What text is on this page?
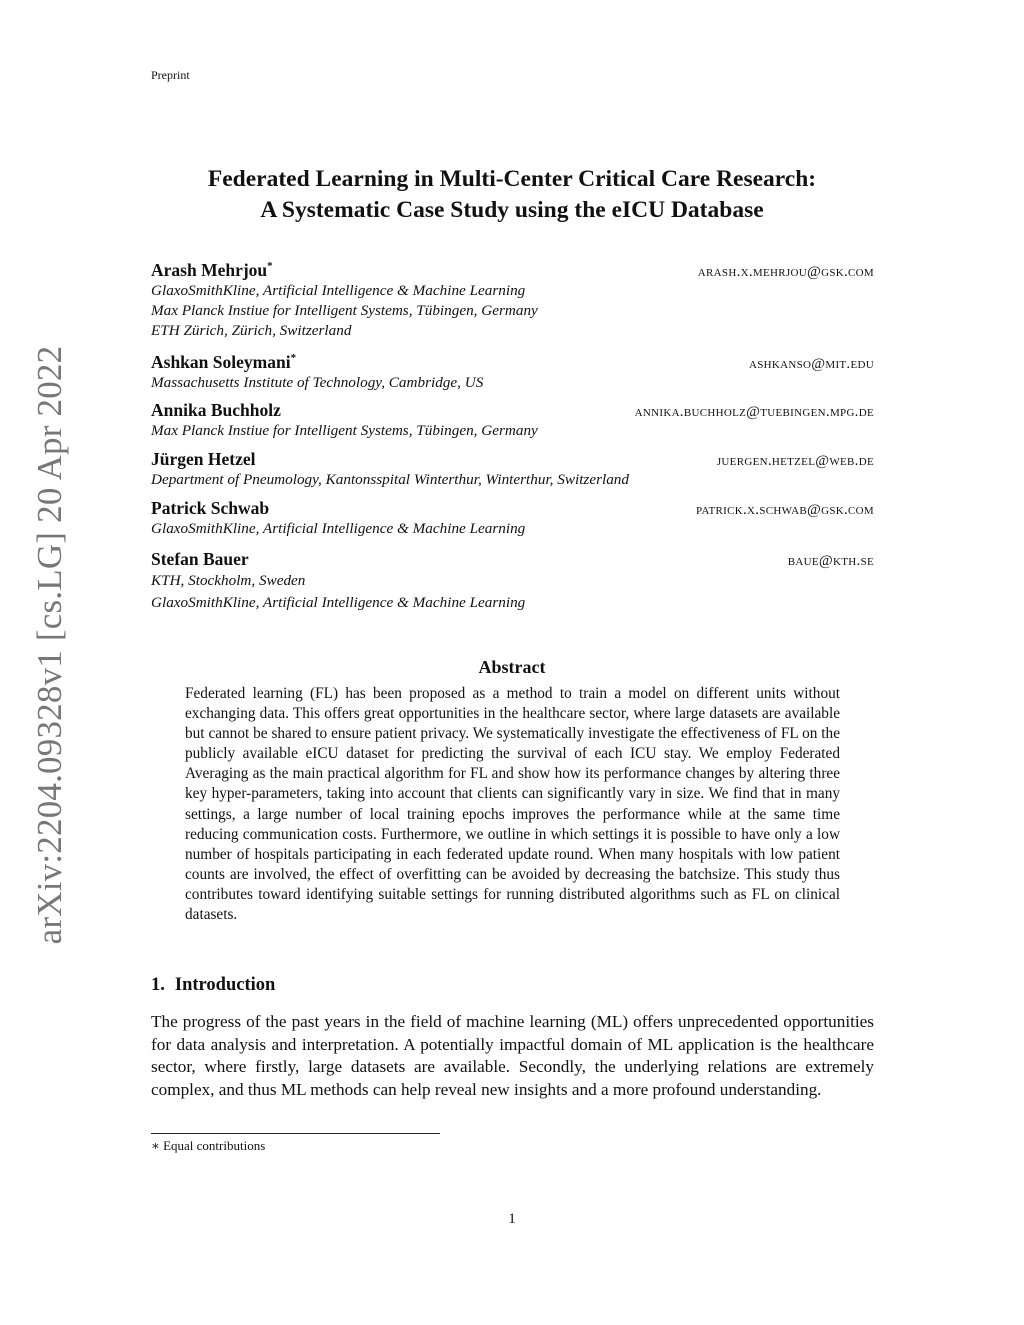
Preprint
arXiv:2204.09328v1 [cs.LG] 20 Apr 2022
Federated Learning in Multi-Center Critical Care Research:
A Systematic Case Study using the eICU Database
Arash Mehrjou*	arash.x.mehrjou@gsk.com
GlaxoSmithKline, Artificial Intelligence & Machine Learning
Max Planck Instiue for Intelligent Systems, Tübingen, Germany
ETH Zürich, Zürich, Switzerland
Ashkan Soleymani*	ashkanso@mit.edu
Massachusetts Institute of Technology, Cambridge, US
Annika Buchholz	annika.buchholz@tuebingen.mpg.de
Max Planck Instiue for Intelligent Systems, Tübingen, Germany
Jürgen Hetzel	juergen.hetzel@web.de
Department of Pneumology, Kantonsspital Winterthur, Winterthur, Switzerland
Patrick Schwab	patrick.x.schwab@gsk.com
GlaxoSmithKline, Artificial Intelligence & Machine Learning
Stefan Bauer	baue@kth.se
KTH, Stockholm, Sweden
GlaxoSmithKline, Artificial Intelligence & Machine Learning
Abstract
Federated learning (FL) has been proposed as a method to train a model on different units without exchanging data. This offers great opportunities in the healthcare sector, where large datasets are available but cannot be shared to ensure patient privacy. We systematically investigate the effectiveness of FL on the publicly available eICU dataset for predicting the survival of each ICU stay. We employ Federated Averaging as the main practical algorithm for FL and show how its performance changes by altering three key hyper-parameters, taking into account that clients can significantly vary in size. We find that in many settings, a large number of local training epochs improves the performance while at the same time reducing communication costs. Furthermore, we outline in which settings it is possible to have only a low number of hospitals participating in each federated update round. When many hospitals with low patient counts are involved, the effect of overfitting can be avoided by decreasing the batchsize. This study thus contributes toward identifying suitable settings for running distributed algorithms such as FL on clinical datasets.
1. Introduction
The progress of the past years in the field of machine learning (ML) offers unprecedented opportunities for data analysis and interpretation. A potentially impactful domain of ML application is the healthcare sector, where firstly, large datasets are available. Secondly, the underlying relations are extremely complex, and thus ML methods can help reveal new insights and a more profound understanding.
∗ Equal contributions
1
